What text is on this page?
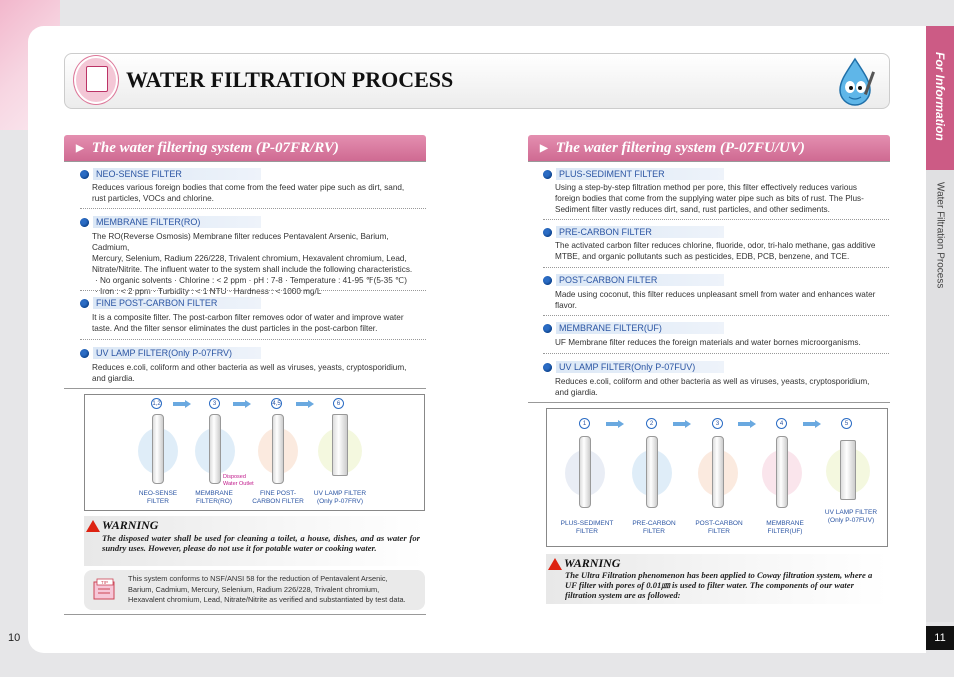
For Information
Water Filtration Process
10	11
WATER FILTRATION PROCESS
▶ The water filtering system (P-07FR/RV)
NEO-SENSE FILTER
Reduces various foreign bodies that come from the feed water pipe such as dirt, sand,
rust particles, VOCs and chlorine.
MEMBRANE FILTER(RO)
The RO(Reverse Osmosis) Membrane filter reduces Pentavalent Arsenic, Barium, Cadmium,
Mercury, Selenium, Radium 226/228, Trivalent chromium, Hexavalent chromium, Lead,
Nitrate/Nitrite. The influent water to the system shall include the following characteristics.
· No organic solvents · Chlorine : < 2 ppm · pH : 7-8 · Temperature : 41-95 ℉(5-35 ℃)
· Iron : < 2 ppm · Turbidity : < 1 NTU · Hardness : < 1000 mg/L
FINE POST-CARBON FILTER
It is a composite filter. The post-carbon filter removes odor of water and improve water
taste. And the filter sensor eliminates the dust particles in the post-carbon filter.
UV LAMP FILTER(Only P-07FRV)
Reduces e.coli, coliform and other bacteria as well as viruses, yeasts, cryptosporidium,
and giardia.
1,2	3	4,5	6
Disposed
Water Outlet
NEO-SENSE
FILTER
MEMBRANE
FILTER(RO)
FINE POST-
CARBON FILTER
UV LAMP FILTER
(Only P-07FRV)
WARNING
The disposed water shall be used for cleaning a toilet, a house, dishes, and as water for sundry uses. However, please do not use it for potable water or cooking water.
TIP	This system conforms to NSF/ANSI 58 for the reduction of Pentavalent Arsenic,
Barium, Cadmium, Mercury, Selenium, Radium 226/228, Trivalent chromium,
Hexavalent chromium, Lead, Nitrate/Nitrite as verified and substantiated by test data.
▶ The water filtering system (P-07FU/UV)
PLUS-SEDIMENT FILTER
Using a step-by-step filtration method per pore, this filter effectively reduces various
foreign bodies that come from the supplying water pipe such as bits of rust. The Plus-
Sediment filter vastly reduces dirt, sand, rust particles, and other sediments.
PRE-CARBON FILTER
The activated carbon filter reduces chlorine, fluoride, odor, tri-halo methane, gas additive
MTBE, and organic pollutants such as pesticides, EDB, PCB, benzene, and TCE.
POST-CARBON FILTER
Made using coconut, this filter reduces unpleasant smell from water and enhances water
flavor.
MEMBRANE FILTER(UF)
UF Membrane filter reduces the foreign materials and water bornes microorganisms.
UV LAMP FILTER(Only P-07FUV)
Reduces e.coli, coliform and other bacteria as well as viruses, yeasts, cryptosporidium,
and giardia.
1	2	3	4	5
PLUS-SEDIMENT
FILTER
PRE-CARBON
FILTER
POST-CARBON
FILTER
MEMBRANE
FILTER(UF)
UV LAMP FILTER
(Only P-07FUV)
WARNING
The Ultra Filtration phenomenon has been applied to Coway filtration system, where a UF filter with pores of 0.01㎛ is used to filter water. The components of our water filtration system are as followed:
